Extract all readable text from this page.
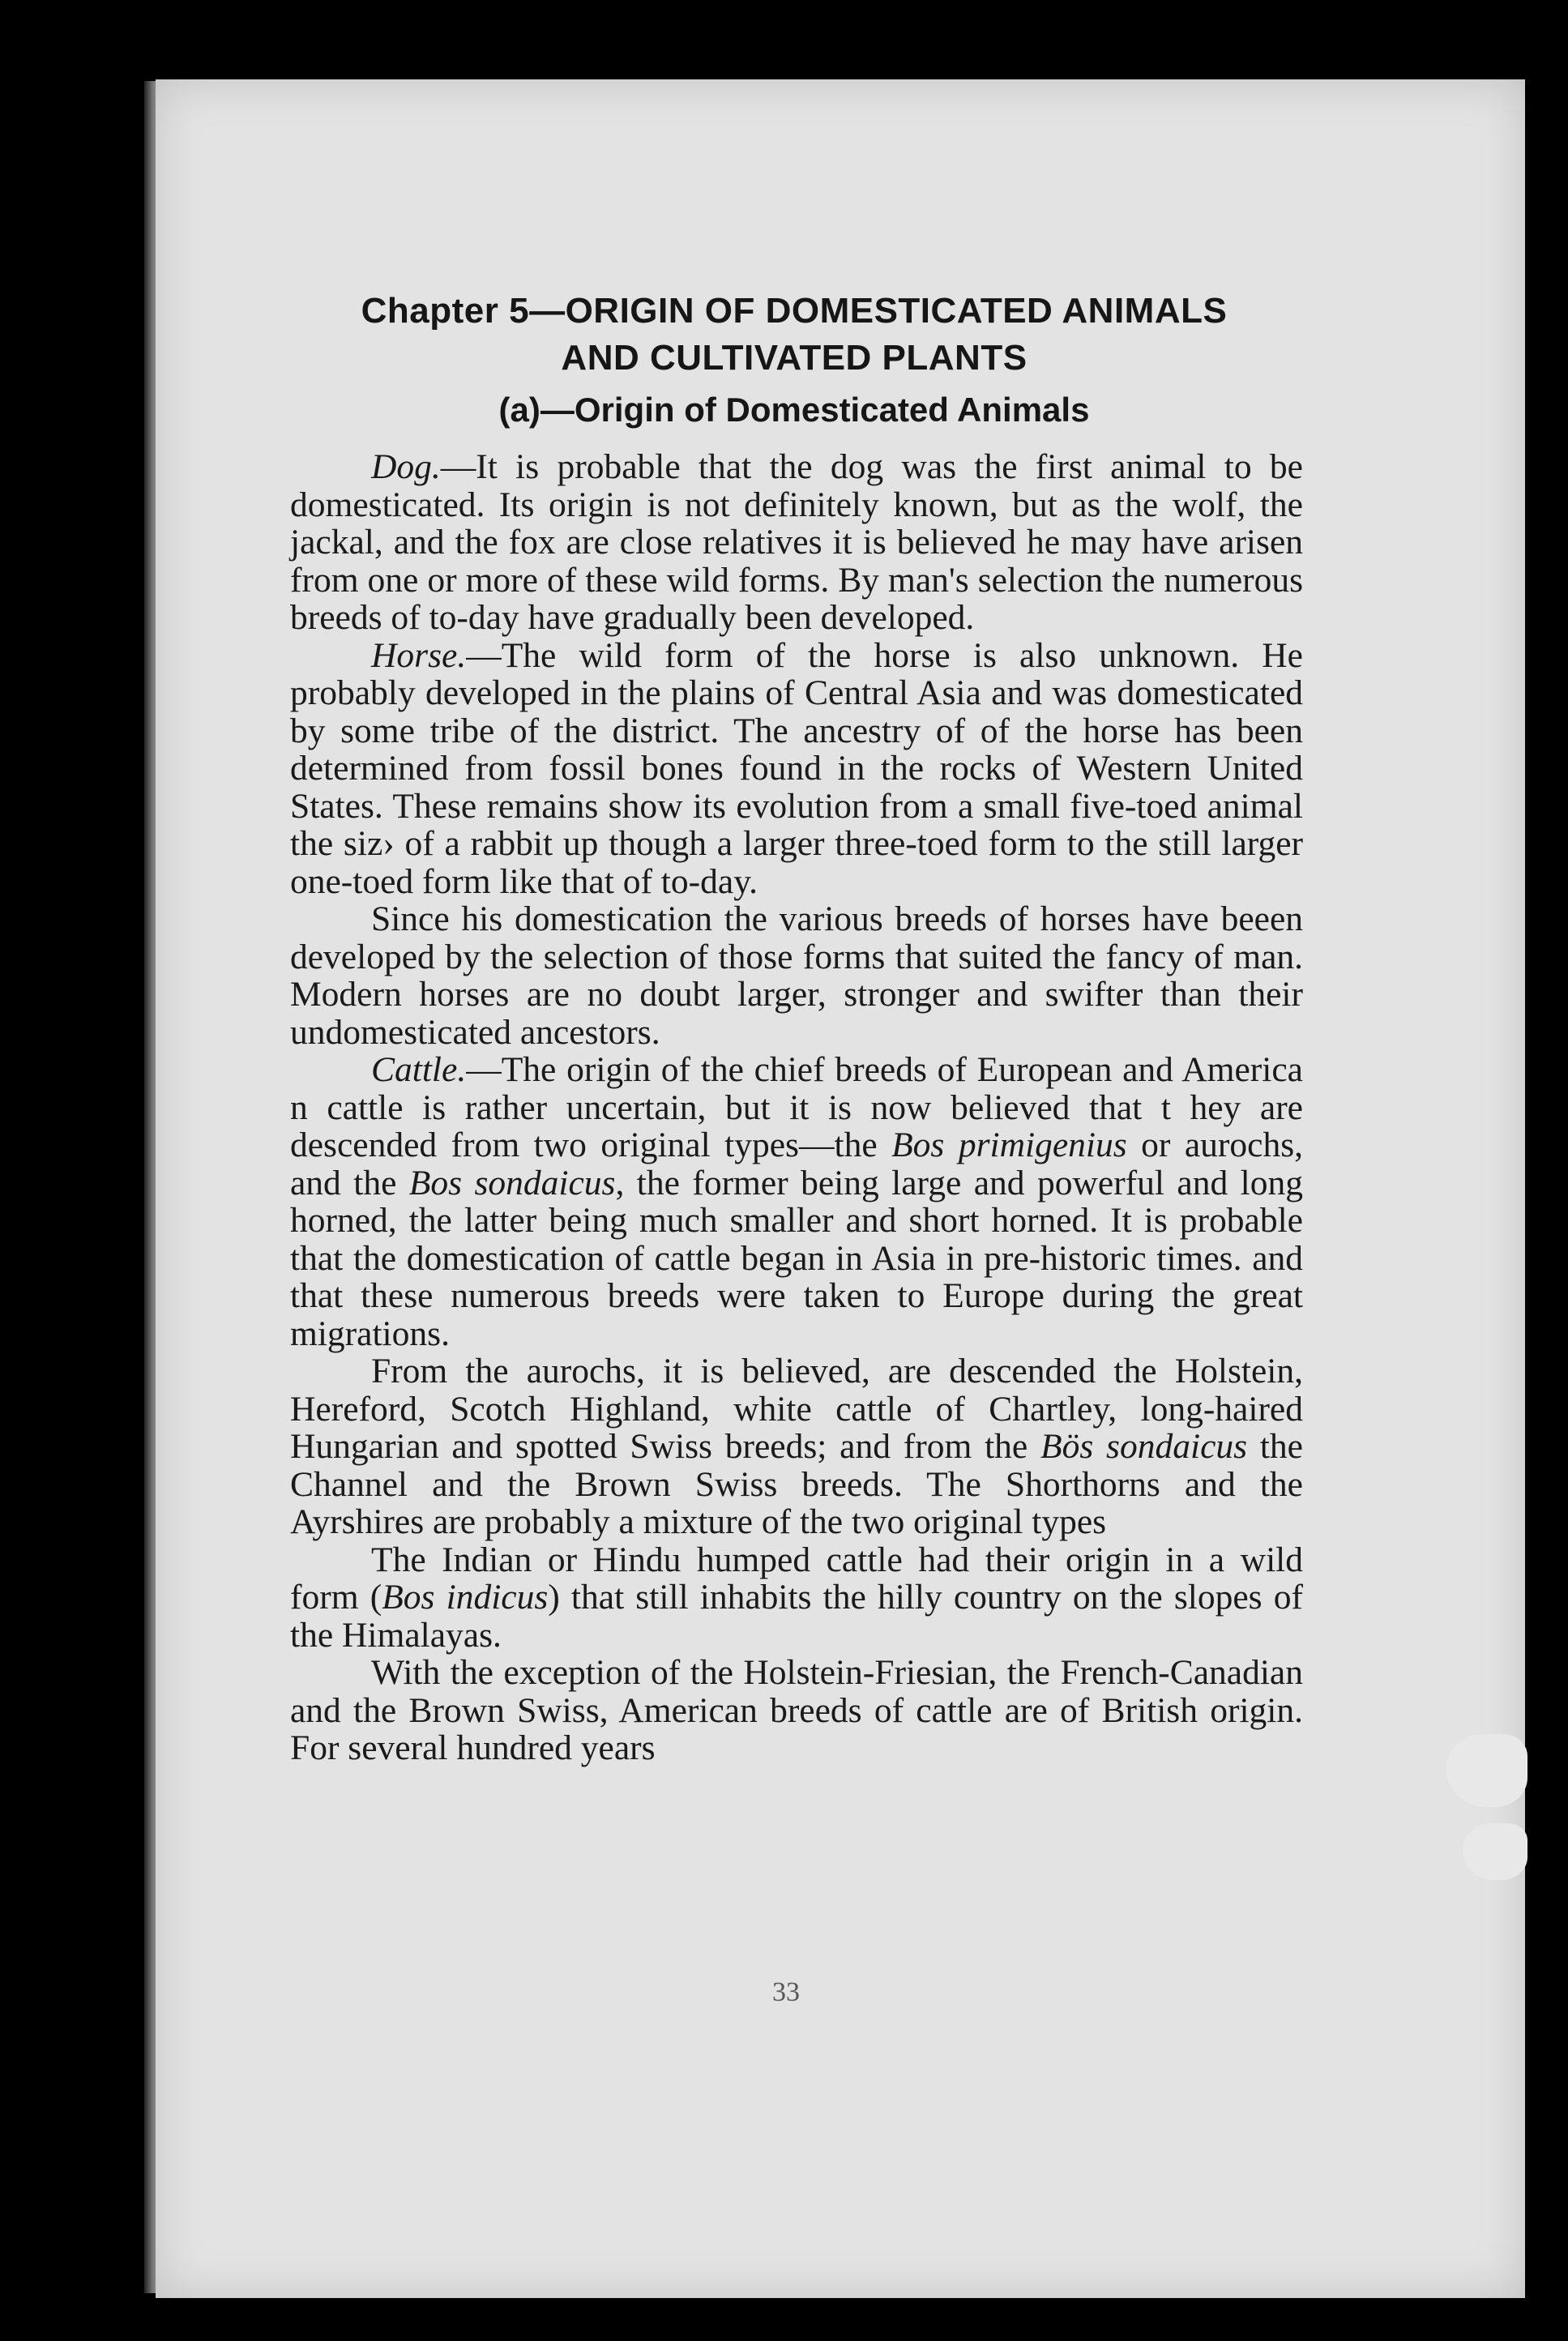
Chapter 5—ORIGIN OF DOMESTICATED ANIMALS
AND CULTIVATED PLANTS
(a)—Origin of Domesticated Animals

Dog.—It is probable that the dog was the first animal to be domesticated. Its origin is not definitely known, but as the wolf, the jackal, and the fox are close relatives it is believed he may have arisen from one or more of these wild forms. By man's selection the numerous breeds of to-day have gradually been developed.

Horse.—The wild form of the horse is also unknown. He probably developed in the plains of Central Asia and was domesticated by some tribe of the district. The ancestry of of the horse has been determined from fossil bones found in the rocks of Western United States. These remains show its evolution from a small five-toed animal the siz› of a rabbit up though a larger three-toed form to the still larger one-toed form like that of to-day.

Since his domestication the various breeds of horses have beeen developed by the selection of those forms that suited the fancy of man. Modern horses are no doubt larger, stronger and swifter than their undomesticated ancestors.

Cattle.—The origin of the chief breeds of European and America n cattle is rather uncertain, but it is now believed that t hey are descended from two original types—the Bos primigenius or aurochs, and the Bos sondaicus, the former being large and powerful and long horned, the latter being much smaller and short horned. It is probable that the domestication of cattle began in Asia in pre-historic times. and that these numerous breeds were taken to Europe during the great migrations.

From the aurochs, it is believed, are descended the Holstein, Hereford, Scotch Highland, white cattle of Chartley, long-haired Hungarian and spotted Swiss breeds; and from the Bös sondaicus the Channel and the Brown Swiss breeds. The Shorthorns and the Ayrshires are probably a mixture of the two original types

The Indian or Hindu humped cattle had their origin in a wild form (Bos indicus) that still inhabits the hilly country on the slopes of the Himalayas.

With the exception of the Holstein-Friesian, the French-Canadian and the Brown Swiss, American breeds of cattle are of British origin. For several hundred years

33
